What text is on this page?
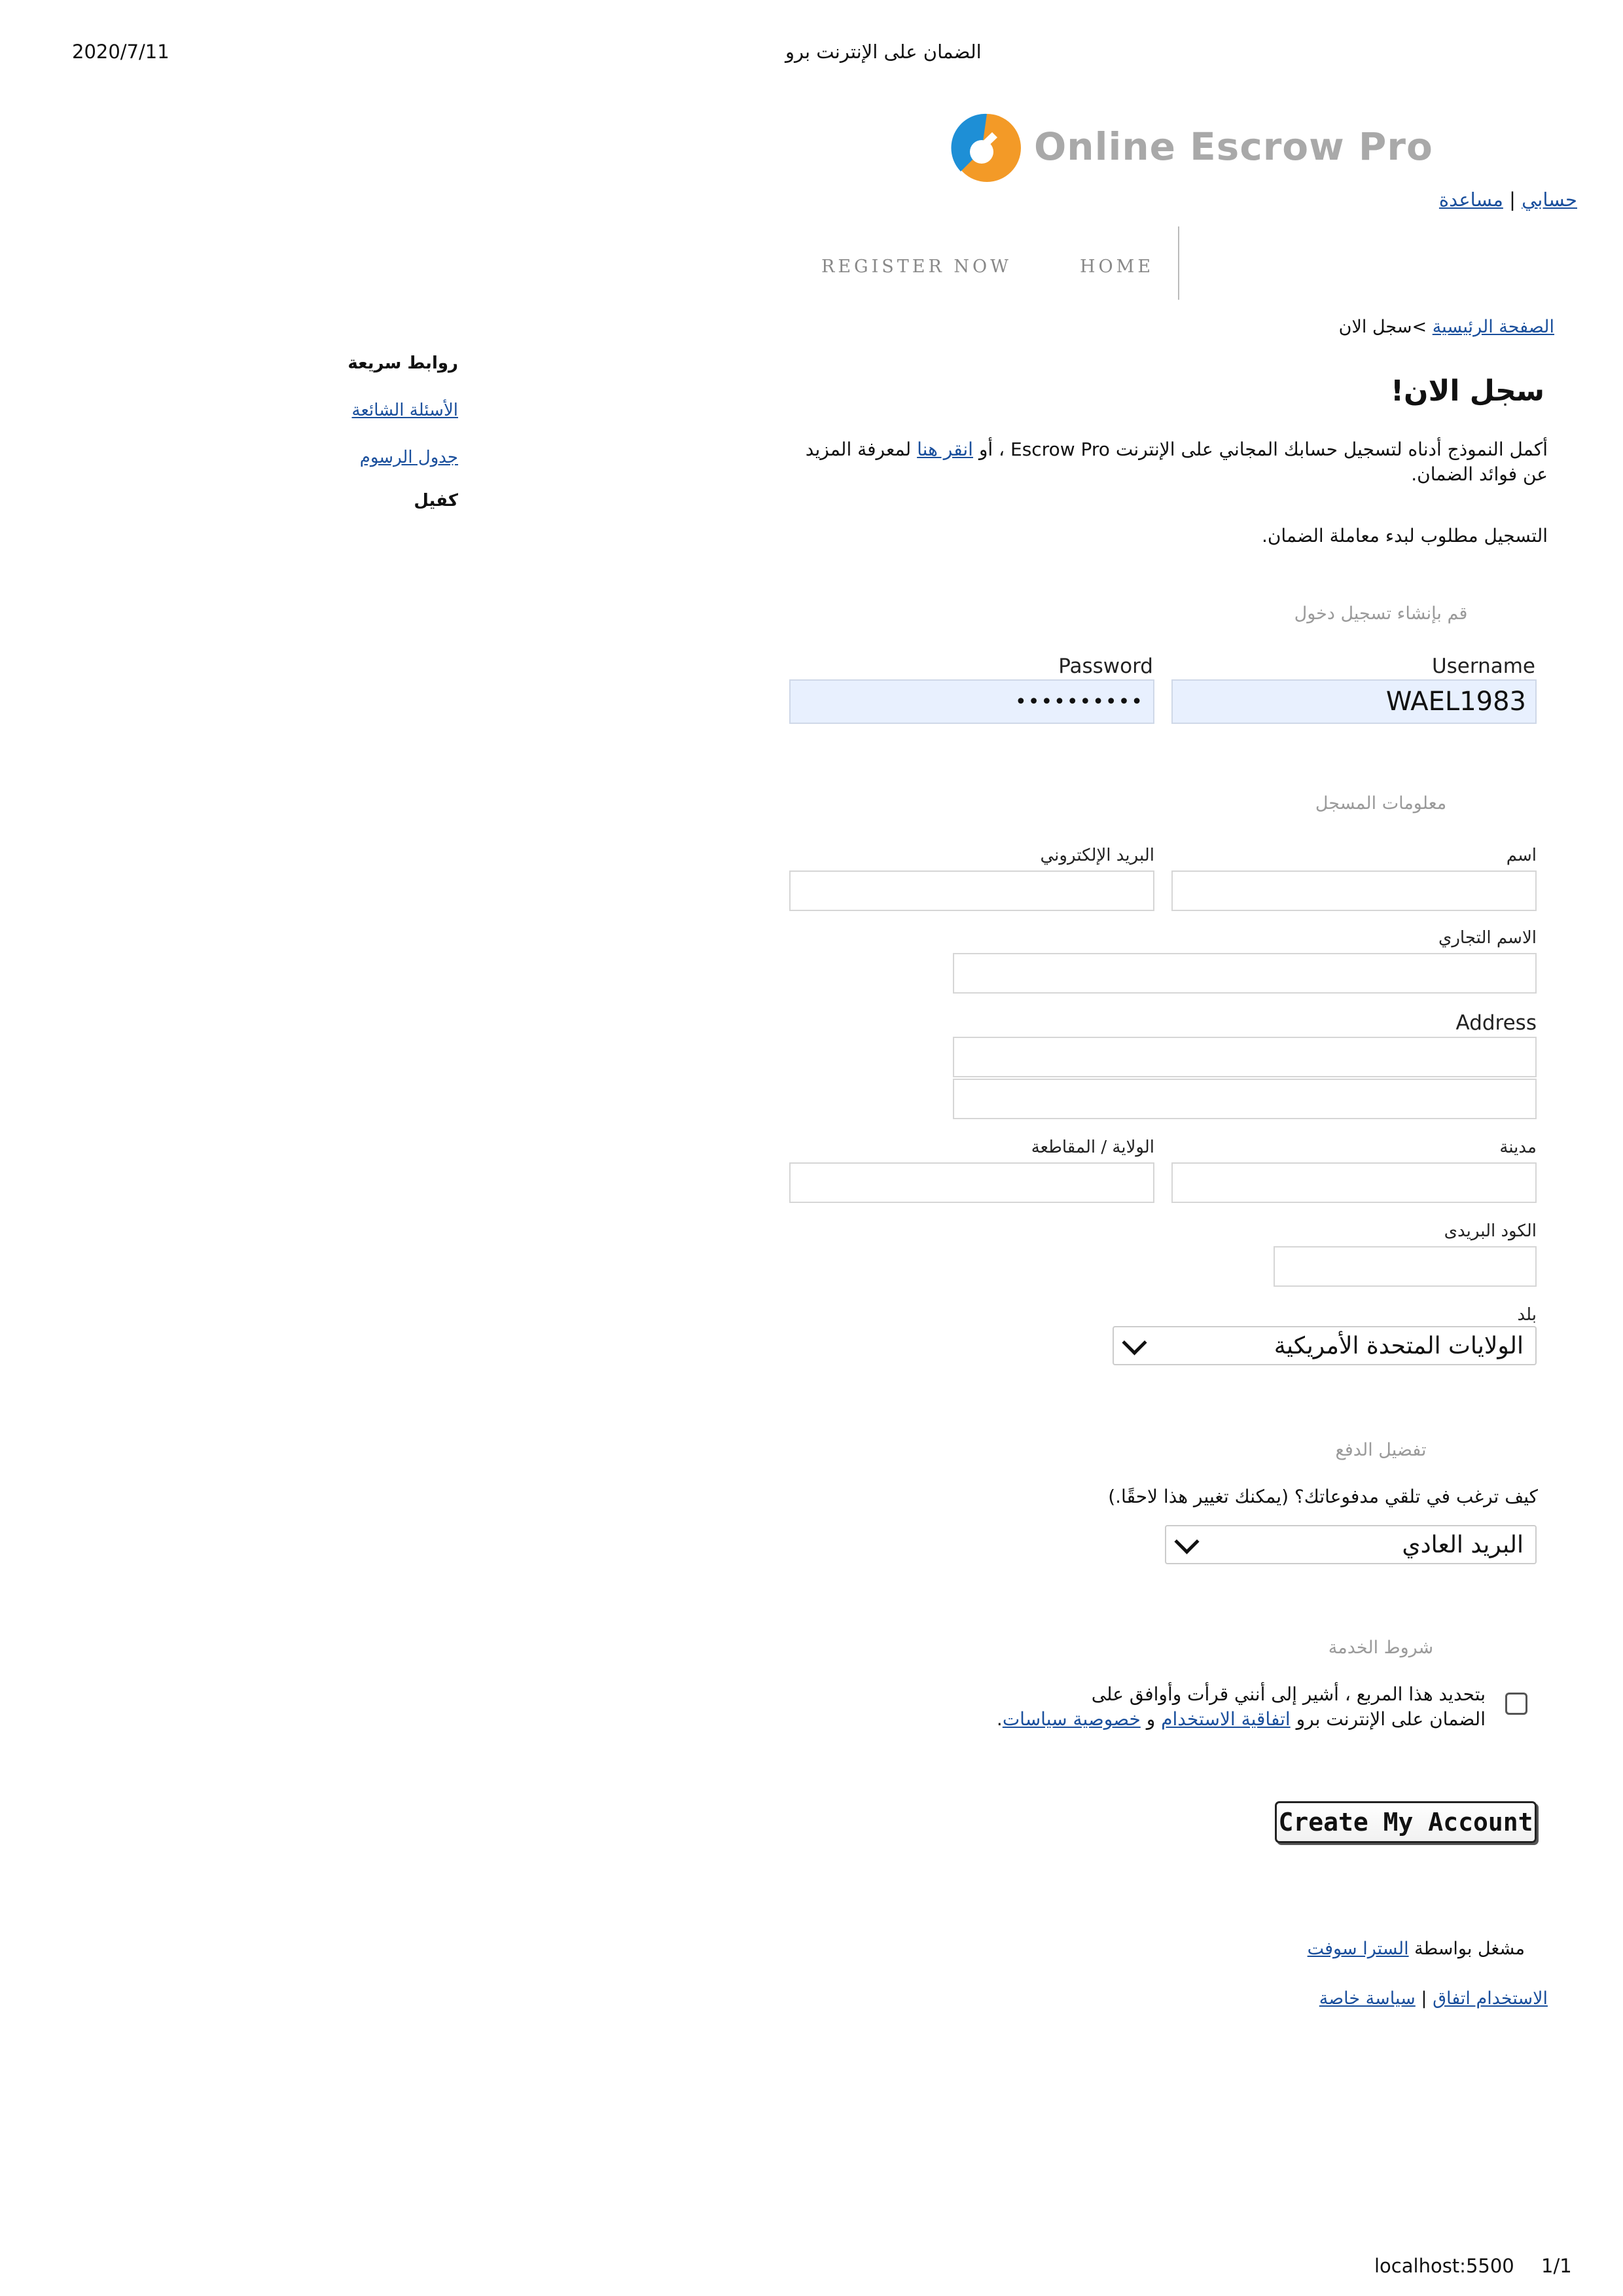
2020/7/11	الضمان على الإنترنت برو
Online Escrow Pro
حسابي | مساعدة
REGISTER NOW	HOME
الصفحة الرئيسية >سجل الان
روابط سريعة
الأسئلة الشائعة
جدول الرسوم
كفيل
سجل الان!
أكمل النموذج أدناه لتسجيل حسابك المجاني على الإنترنت Escrow Pro ، أو انقر هنا لمعرفة المزيد عن فوائد الضمان.
التسجيل مطلوب لبدء معاملة الضمان.
قم بإنشاء تسجيل دخول
Username
Password
WAEL1983
••••••••••
معلومات المسجل
اسم
البريد الإلكتروني
الاسم التجاري
Address
مدينة
الولاية / المقاطعة
الكود البريدى
بلد
الولايات المتحدة الأمريكية
تفضيل الدفع
كيف ترغب في تلقي مدفوعاتك؟ (يمكنك تغيير هذا لاحقًا.)
البريد العادي
شروط الخدمة
بتحديد هذا المربع ، أشير إلى أنني قرأت وأوافق على
الضمان على الإنترنت برو اتفاقية الاستخدام و خصوصية سياسات.
Create My Account
مشغل بواسطة السترا سوفت
الاستخدام اتفاق | سياسة خاصة
localhost:5500 1/1
